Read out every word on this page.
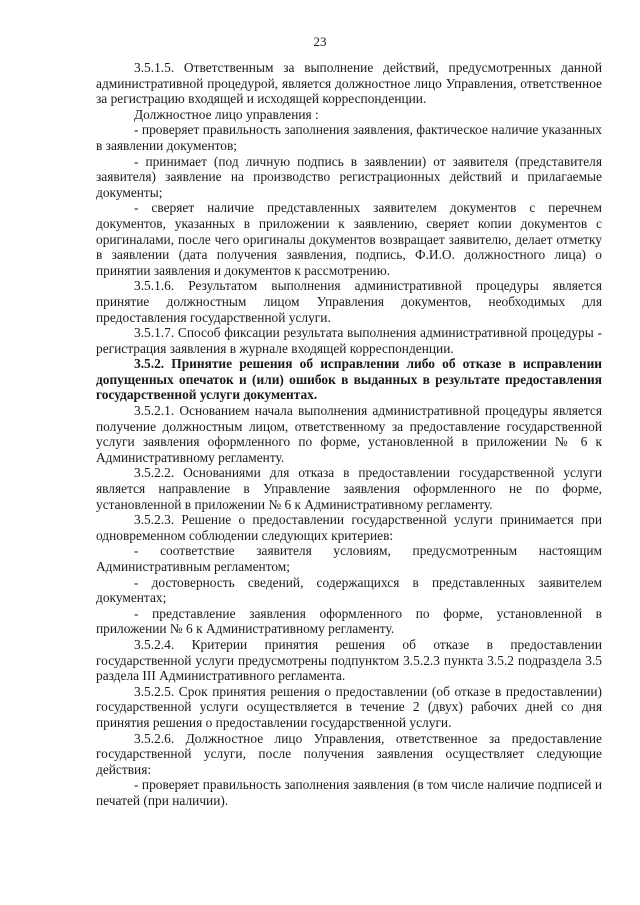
23

3.5.1.5. Ответственным за выполнение действий, предусмотренных данной административной процедурой, является должностное лицо Управления, ответственное за регистрацию входящей и исходящей корреспонденции.

Должностное лицо управления :

- проверяет правильность заполнения заявления, фактическое наличие указанных в заявлении документов;

- принимает (под личную подпись в заявлении) от заявителя (представителя заявителя) заявление на производство регистрационных действий и прилагаемые документы;

- сверяет наличие представленных заявителем документов с перечнем документов, указанных в приложении к заявлению, сверяет копии документов с оригиналами, после чего оригиналы документов возвращает заявителю, делает отметку в заявлении (дата получения заявления, подпись, Ф.И.О. должностного лица) о принятии заявления и документов к рассмотрению.

3.5.1.6. Результатом выполнения административной процедуры является принятие должностным лицом Управления документов, необходимых для предоставления государственной услуги.

3.5.1.7. Способ фиксации результата выполнения административной процедуры - регистрация заявления в журнале входящей корреспонденции.

3.5.2. Принятие решения об исправлении либо об отказе в исправлении допущенных опечаток и (или) ошибок в выданных в результате предоставления государственной услуги документах.

3.5.2.1. Основанием начала выполнения административной процедуры является получение должностным лицом, ответственному за предоставление государственной услуги заявления оформленного по форме, установленной в приложении № 6 к Административному регламенту.

3.5.2.2. Основаниями для отказа в предоставлении государственной услуги является направление в Управление заявления оформленного не по форме, установленной в приложении № 6 к Административному регламенту.

3.5.2.3. Решение о предоставлении государственной услуги принимается при одновременном соблюдении следующих критериев:

- соответствие заявителя условиям, предусмотренным настоящим Административным регламентом;

- достоверность сведений, содержащихся в представленных заявителем документах;

- представление заявления оформленного по форме, установленной в приложении № 6 к Административному регламенту.

3.5.2.4. Критерии принятия решения об отказе в предоставлении государственной услуги предусмотрены подпунктом 3.5.2.3 пункта 3.5.2 подраздела 3.5 раздела III Административного регламента.

3.5.2.5. Срок принятия решения о предоставлении (об отказе в предоставлении) государственной услуги осуществляется в течение 2 (двух) рабочих дней со дня принятия решения о предоставлении государственной услуги.

3.5.2.6. Должностное лицо Управления, ответственное за предоставление государственной услуги, после получения заявления осуществляет следующие действия:

- проверяет правильность заполнения заявления (в том числе наличие подписей и печатей (при наличии).
